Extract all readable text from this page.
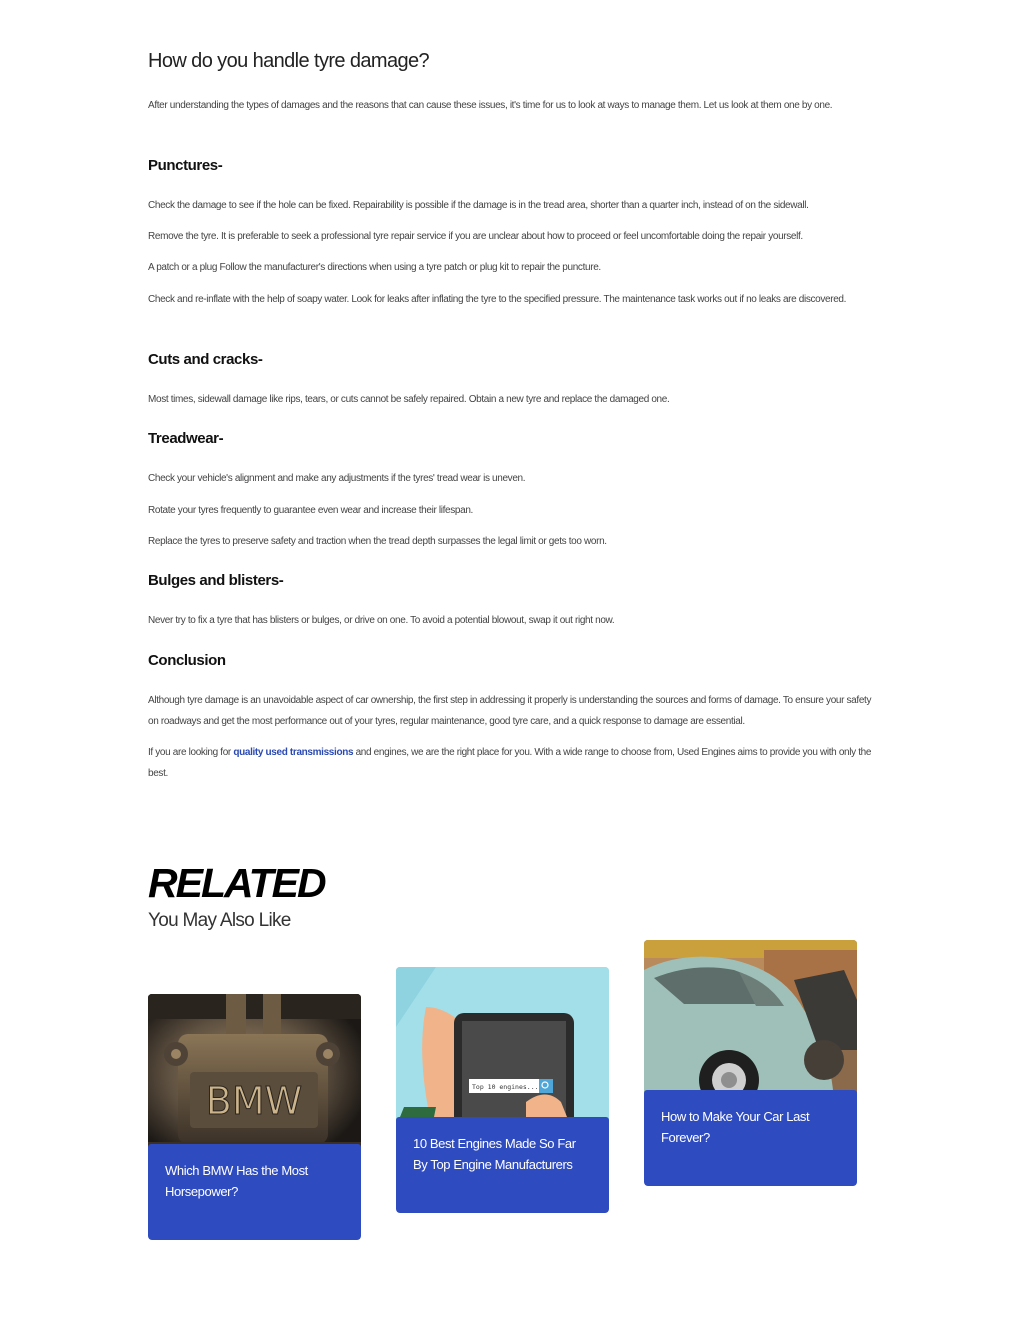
How do you handle tyre damage?

After understanding the types of damages and the reasons that can cause these issues, it's time for us to look at ways to manage them. Let us look at them one by one.

Punctures-

Check the damage to see if the hole can be fixed. Repairability is possible if the damage is in the tread area, shorter than a quarter inch, instead of on the sidewall.

Remove the tyre. It is preferable to seek a professional tyre repair service if you are unclear about how to proceed or feel uncomfortable doing the repair yourself.

A patch or a plug Follow the manufacturer's directions when using a tyre patch or plug kit to repair the puncture.

Check and re-inflate with the help of soapy water. Look for leaks after inflating the tyre to the specified pressure. The maintenance task works out if no leaks are discovered.

Cuts and cracks-

Most times, sidewall damage like rips, tears, or cuts cannot be safely repaired. Obtain a new tyre and replace the damaged one.

Treadwear-

Check your vehicle's alignment and make any adjustments if the tyres' tread wear is uneven.

Rotate your tyres frequently to guarantee even wear and increase their lifespan.

Replace the tyres to preserve safety and traction when the tread depth surpasses the legal limit or gets too worn.

Bulges and blisters-

Never try to fix a tyre that has blisters or bulges, or drive on one. To avoid a potential blowout, swap it out right now.

Conclusion

Although tyre damage is an unavoidable aspect of car ownership, the first step in addressing it properly is understanding the sources and forms of damage. To ensure your safety on roadways and get the most performance out of your tyres, regular maintenance, good tyre care, and a quick response to damage are essential.

If you are looking for quality used transmissions and engines, we are the right place for you. With a wide range to choose from, Used Engines aims to provide you with only the best.

RELATED
You May Also Like
BMW
Which BMW Has the Most Horsepower?
Top 10 engines...
10 Best Engines Made So Far By Top Engine Manufacturers
How to Make Your Car Last Forever?
